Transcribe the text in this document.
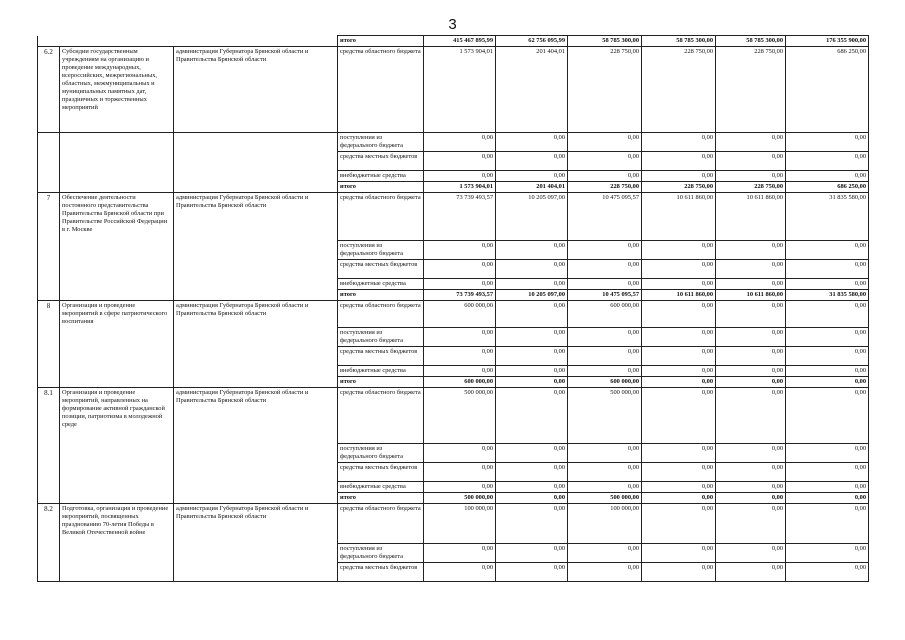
3
			итого	415 467 895,99	62 756 095,99	58 785 300,00	58 785 300,00	58 785 300,00	176 355 900,00
6.2	Субсидии государственным учреждениям на организацию и проведение международных, всероссийских, межрегиональных, областных, межмуниципальных и муниципальных памятных дат, праздничных и торжественных мероприятий	администрация Губернатора Брянской области и Правительства Брянской области	средства областного бюджета	1 573 904,01	201 404,01	228 750,00	228 750,00	228 750,00	686 250,00
			поступления из федерального бюджета	0,00	0,00	0,00	0,00	0,00	0,00
			средства местных бюджетов	0,00	0,00	0,00	0,00	0,00	0,00
			внебюджетные средства	0,00	0,00	0,00	0,00	0,00	0,00
			итого	1 573 904,01	201 404,01	228 750,00	228 750,00	228 750,00	686 250,00
7	Обеспечение деятельности постоянного представительства Правительства Брянской области при Правительстве Российской Федерации в г. Москве	администрация Губернатора Брянской области и Правительства Брянской области	средства областного бюджета	73 739 493,57	10 205 097,00	10 475 095,57	10 611 860,00	10 611 860,00	31 835 580,00
			поступления из федерального бюджета	0,00	0,00	0,00	0,00	0,00	0,00
			средства местных бюджетов	0,00	0,00	0,00	0,00	0,00	0,00
			внебюджетные средства	0,00	0,00	0,00	0,00	0,00	0,00
			итого	73 739 493,57	10 205 097,00	10 475 095,57	10 611 860,00	10 611 860,00	31 835 580,00
8	Организация и проведение мероприятий в сфере патриотического воспитания	администрация Губернатора Брянской области и Правительства Брянской области	средства областного бюджета	600 000,00	0,00	600 000,00	0,00	0,00	0,00
			поступления из федерального бюджета	0,00	0,00	0,00	0,00	0,00	0,00
			средства местных бюджетов	0,00	0,00	0,00	0,00	0,00	0,00
			внебюджетные средства	0,00	0,00	0,00	0,00	0,00	0,00
			итого	600 000,00	0,00	600 000,00	0,00	0,00	0,00
8.1	Организация и проведение мероприятий, направленных на формирование активной гражданской позиции, патриотизма в молодежной среде	администрация Губернатора Брянской области и Правительства Брянской области	средства областного бюджета	500 000,00	0,00	500 000,00	0,00	0,00	0,00
			поступления из федерального бюджета	0,00	0,00	0,00	0,00	0,00	0,00
			средства местных бюджетов	0,00	0,00	0,00	0,00	0,00	0,00
			внебюджетные средства	0,00	0,00	0,00	0,00	0,00	0,00
			итого	500 000,00	0,00	500 000,00	0,00	0,00	0,00
8.2	Подготовка, организация и проведение мероприятий, посвященных празднованию 70-летия Победы в Великой Отечественной войне	администрация Губернатора Брянской области и Правительства Брянской области	средства областного бюджета	100 000,00	0,00	100 000,00	0,00	0,00	0,00
			поступления из федерального бюджета	0,00	0,00	0,00	0,00	0,00	0,00
			средства местных бюджетов	0,00	0,00	0,00	0,00	0,00	0,00
